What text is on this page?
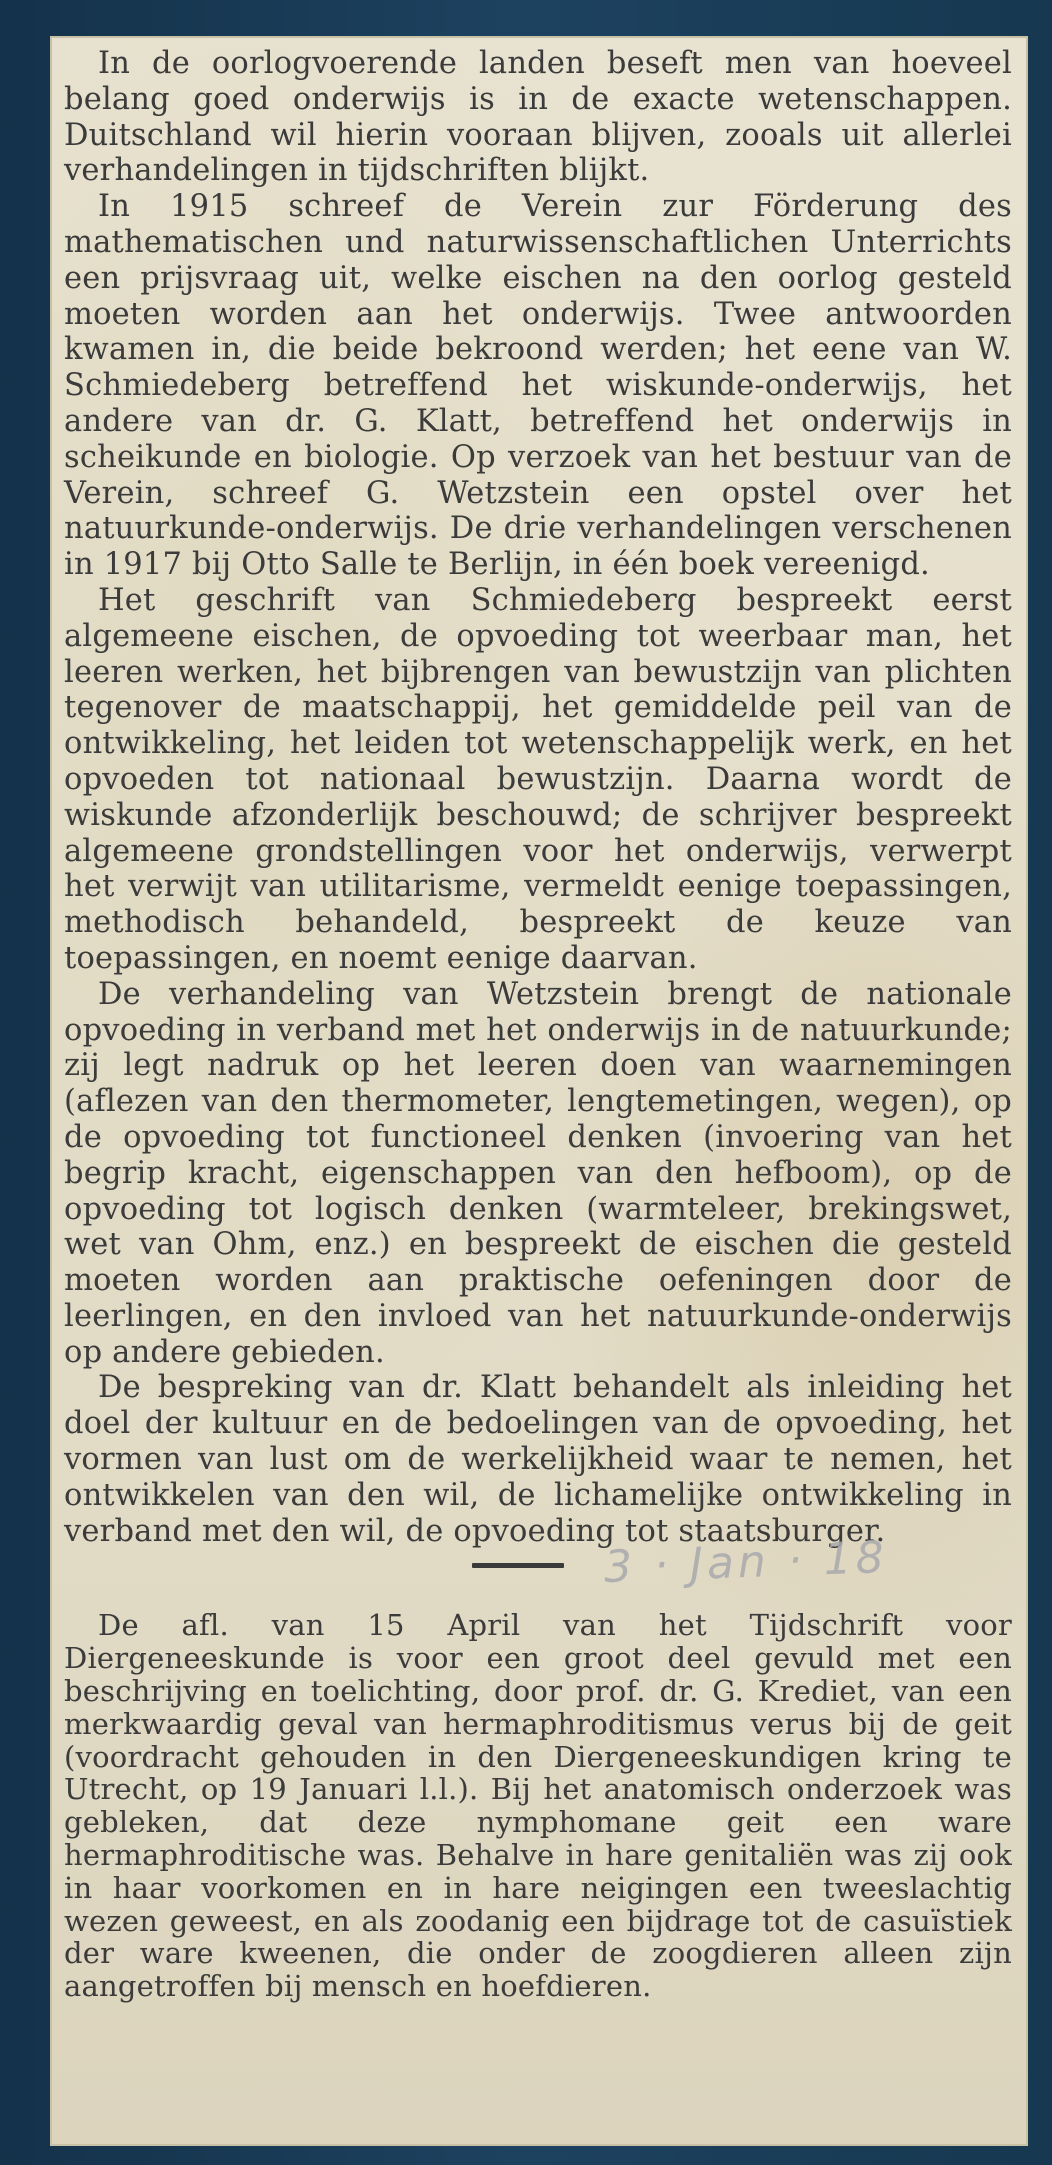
In de oorlogvoerende landen beseft men van hoeveel belang goed onderwijs is in de exacte wetenschappen. Duitschland wil hierin vooraan blijven, zooals uit allerlei verhandelingen in tijdschriften blijkt.

In 1915 schreef de Verein zur Förderung des mathematischen und naturwissenschaftlichen Unterrichts een prijsvraag uit, welke eischen na den oorlog gesteld moeten worden aan het onderwijs. Twee antwoorden kwamen in, die beide bekroond werden; het eene van W. Schmiedeberg betreffend het wiskunde-onderwijs, het andere van dr. G. Klatt, betreffend het onderwijs in scheikunde en biologie. Op verzoek van het bestuur van de Verein, schreef G. Wetzstein een opstel over het natuurkunde-onderwijs. De drie verhandelingen verschenen in 1917 bij Otto Salle te Berlijn, in één boek vereenigd.

Het geschrift van Schmiedeberg bespreekt eerst algemeene eischen, de opvoeding tot weerbaar man, het leeren werken, het bijbrengen van bewustzijn van plichten tegenover de maatschappij, het gemiddelde peil van de ontwikkeling, het leiden tot wetenschappelijk werk, en het opvoeden tot nationaal bewustzijn. Daarna wordt de wiskunde afzonderlijk beschouwd; de schrijver bespreekt algemeene grondstellingen voor het onderwijs, verwerpt het verwijt van utilitarisme, vermeldt eenige toepassingen, methodisch behandeld, bespreekt de keuze van toepassingen, en noemt eenige daarvan.

De verhandeling van Wetzstein brengt de nationale opvoeding in verband met het onderwijs in de natuurkunde; zij legt nadruk op het leeren doen van waarnemingen (aflezen van den thermometer, lengtemetingen, wegen), op de opvoeding tot functioneel denken (invoering van het begrip kracht, eigenschappen van den hefboom), op de opvoeding tot logisch denken (warmteleer, brekingswet, wet van Ohm, enz.) en bespreekt de eischen die gesteld moeten worden aan praktische oefeningen door de leerlingen, en den invloed van het natuurkunde-onderwijs op andere gebieden.

De bespreking van dr. Klatt behandelt als inleiding het doel der kultuur en de bedoelingen van de opvoeding, het vormen van lust om de werkelijkheid waar te nemen, het ontwikkelen van den wil, de lichamelijke ontwikkeling in verband met den wil, de opvoeding tot staatsburger.

3 · Jan · 18

De afl. van 15 April van het Tijdschrift voor Diergeneeskunde is voor een groot deel gevuld met een beschrijving en toelichting, door prof. dr. G. Krediet, van een merkwaardig geval van hermaphroditismus verus bij de geit (voordracht gehouden in den Diergeneeskundigen kring te Utrecht, op 19 Januari l.l.). Bij het anatomisch onderzoek was gebleken, dat deze nymphomane geit een ware hermaphroditische was. Behalve in hare genitaliën was zij ook in haar voorkomen en in hare neigingen een tweeslachtig wezen geweest, en als zoodanig een bijdrage tot de casuïstiek der ware kweenen, die onder de zoogdieren alleen zijn aangetroffen bij mensch en hoefdieren.
